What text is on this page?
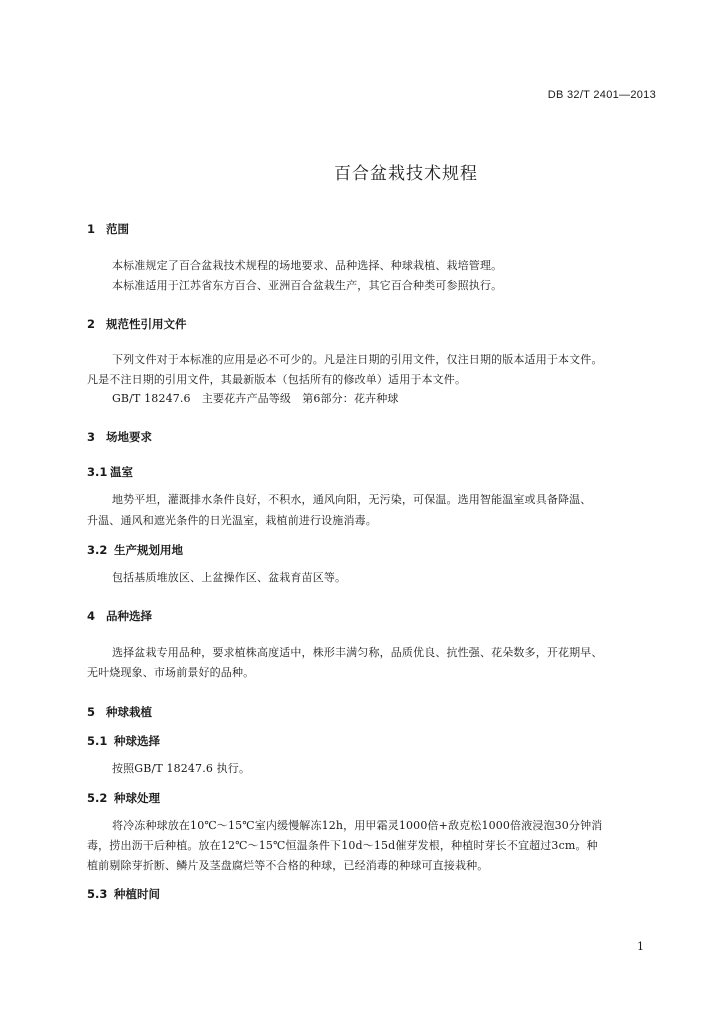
DB 32/T 2401—2013
百合盆栽技术规程
1 范围
本标准规定了百合盆栽技术规程的场地要求、品种选择、种球栽植、栽培管理。
本标准适用于江苏省东方百合、亚洲百合盆栽生产，其它百合种类可参照执行。
2 规范性引用文件
下列文件对于本标准的应用是必不可少的。凡是注日期的引用文件，仅注日期的版本适用于本文件。
凡是不注日期的引用文件，其最新版本（包括所有的修改单）适用于本文件。
GB/T 18247.6　主要花卉产品等级　第6部分：花卉种球
3 场地要求
3.1 温室
地势平坦，灌溉排水条件良好，不积水，通风向阳，无污染，可保温。选用智能温室或具备降温、
升温、通风和遮光条件的日光温室，栽植前进行设施消毒。
3.2 生产规划用地
包括基质堆放区、上盆操作区、盆栽育苗区等。
4 品种选择
选择盆栽专用品种，要求植株高度适中，株形丰满匀称，品质优良、抗性强、花朵数多，开花期早、
无叶烧现象、市场前景好的品种。
5 种球栽植
5.1 种球选择
按照GB/T 18247.6 执行。
5.2 种球处理
将冷冻种球放在10℃～15℃室内缓慢解冻12h，用甲霜灵1000倍+敌克松1000倍液浸泡30分钟消
毒，捞出沥干后种植。放在12℃～15℃恒温条件下10d～15d催芽发根，种植时芽长不宜超过3cm。种
植前剔除芽折断、鳞片及茎盘腐烂等不合格的种球，已经消毒的种球可直接栽种。
5.3 种植时间
1
